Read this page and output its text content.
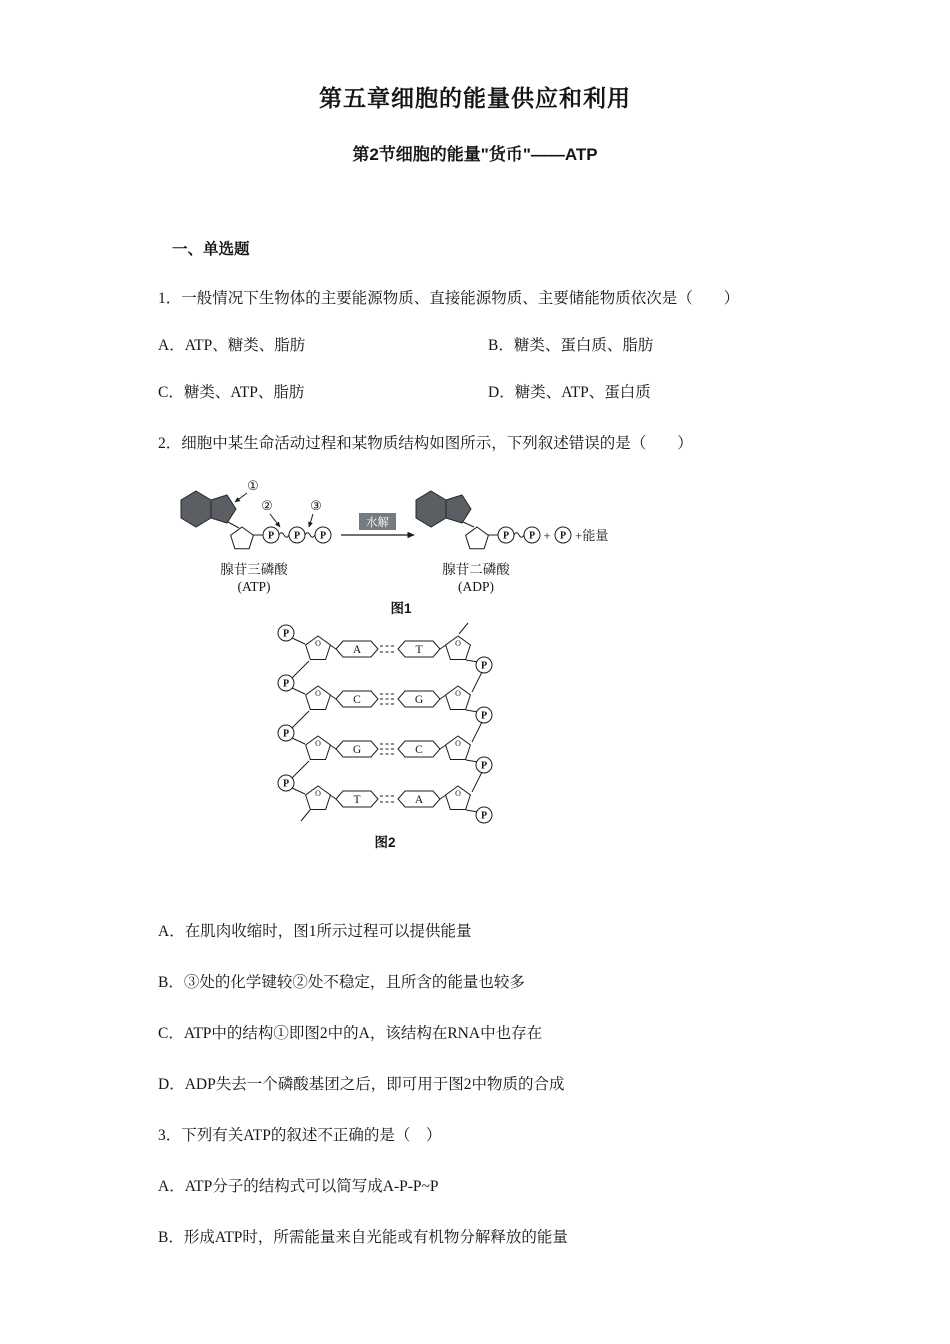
第五章细胞的能量供应和利用
第2节细胞的能量"货币"——ATP
一、单选题

1．一般情况下生物体的主要能源物质、直接能源物质、主要储能物质依次是（　　）

A．ATP、糖类、脂肪	B．糖类、蛋白质、脂肪
C．糖类、ATP、脂肪	D．糖类、ATP、蛋白质

2．细胞中某生命活动过程和某物质结构如图所示，下列叙述错误的是（　　）

P P P
①
②	③
腺苷三磷酸
(ATP)
水解
P P + P +能量
腺苷二磷酸
(ADP)
图1
P
O
A	T
O
P
P
O
C	G
O
P
P
O
G	C
O
P
P
O
T	A
O
P
图2

A．在肌肉收缩时，图1所示过程可以提供能量

B．③处的化学键较②处不稳定，且所含的能量也较多

C．ATP中的结构①即图2中的A，该结构在RNA中也存在

D．ADP失去一个磷酸基团之后，即可用于图2中物质的合成

3．下列有关ATP的叙述不正确的是（　）

A．ATP分子的结构式可以简写成A-P-P~P

B．形成ATP时，所需能量来自光能或有机物分解释放的能量
